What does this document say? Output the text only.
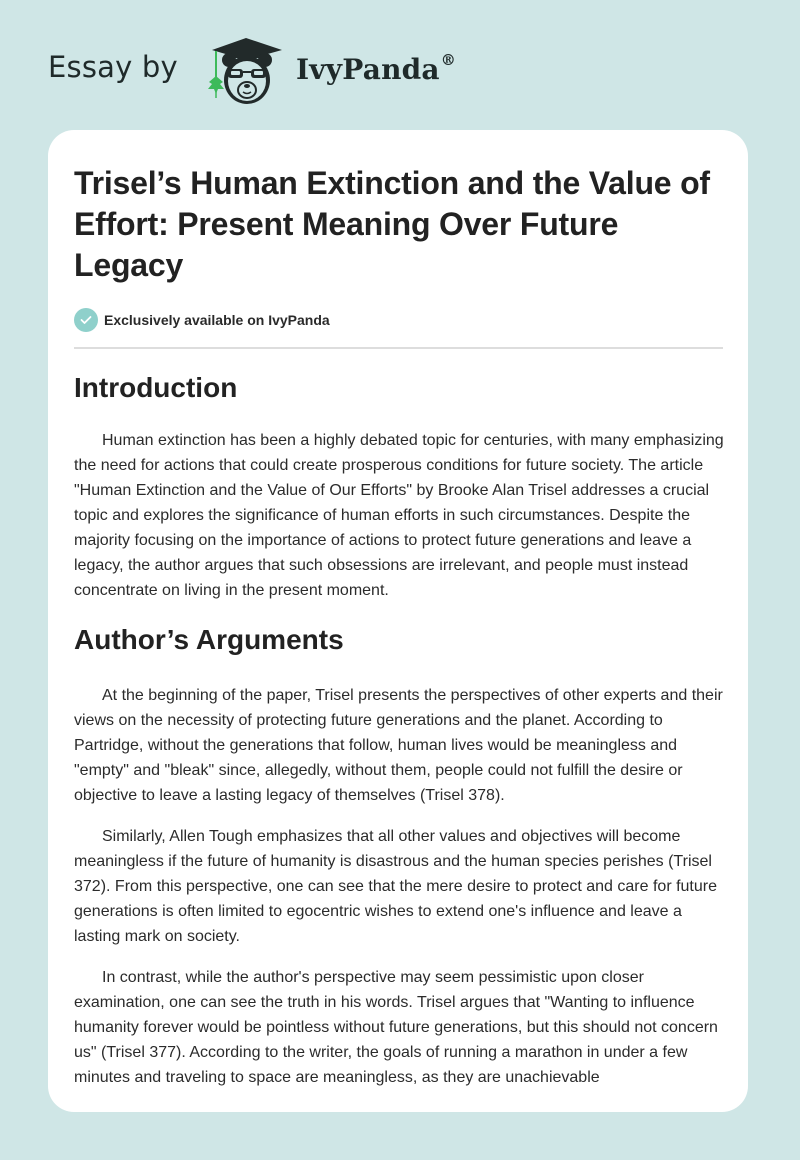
Essay by	IvyPanda®
Trisel’s Human Extinction and the Value of Effort: Present Meaning Over Future Legacy
Exclusively available on IvyPanda
Introduction

Human extinction has been a highly debated topic for centuries, with many emphasizing the need for actions that could create prosperous conditions for future society. The article "Human Extinction and the Value of Our Efforts" by Brooke Alan Trisel addresses a crucial topic and explores the significance of human efforts in such circumstances. Despite the majority focusing on the importance of actions to protect future generations and leave a legacy, the author argues that such obsessions are irrelevant, and people must instead concentrate on living in the present moment.

Author’s Arguments

At the beginning of the paper, Trisel presents the perspectives of other experts and their views on the necessity of protecting future generations and the planet. According to Partridge, without the generations that follow, human lives would be meaningless and "empty" and "bleak" since, allegedly, without them, people could not fulfill the desire or objective to leave a lasting legacy of themselves (Trisel 378).

Similarly, Allen Tough emphasizes that all other values and objectives will become meaningless if the future of humanity is disastrous and the human species perishes (Trisel 372). From this perspective, one can see that the mere desire to protect and care for future generations is often limited to egocentric wishes to extend one's influence and leave a lasting mark on society.

In contrast, while the author's perspective may seem pessimistic upon closer examination, one can see the truth in his words. Trisel argues that "Wanting to influence humanity forever would be pointless without future generations, but this should not concern us" (Trisel 377). According to the writer, the goals of running a marathon in under a few minutes and traveling to space are meaningless, as they are unachievable
